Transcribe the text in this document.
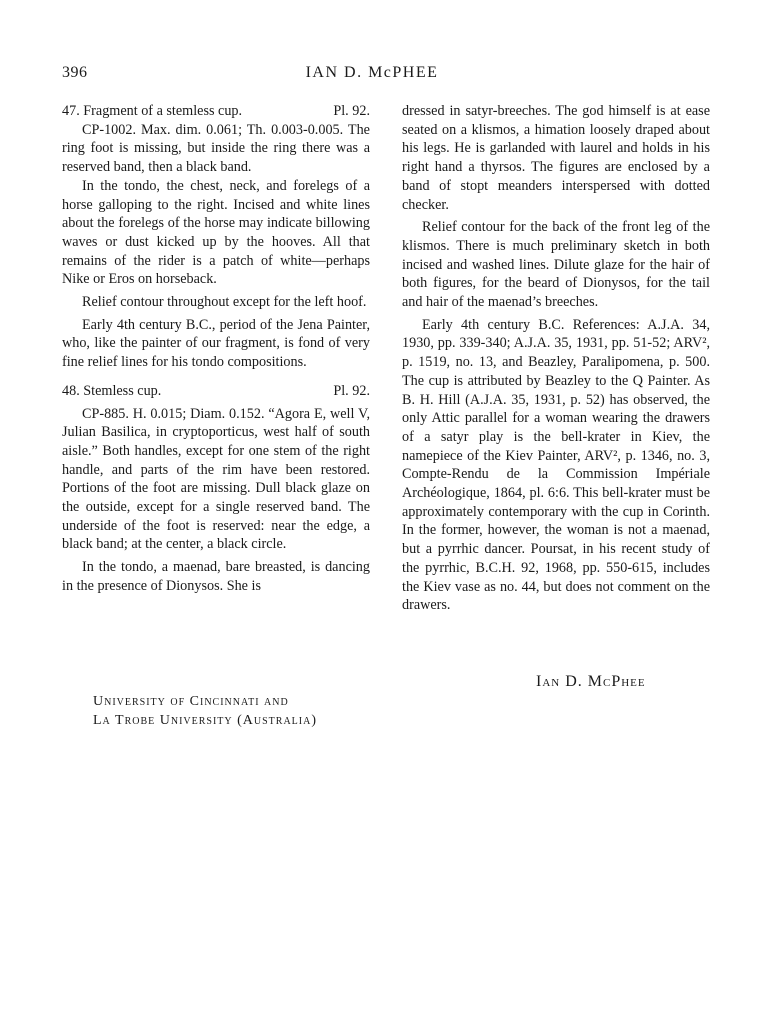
396	IAN D. McPHEE
47. Fragment of a stemless cup.	Pl. 92.

CP-1002. Max. dim. 0.061; Th. 0.003-0.005. The ring foot is missing, but inside the ring there was a reserved band, then a black band.

In the tondo, the chest, neck, and forelegs of a horse galloping to the right. Incised and white lines about the forelegs of the horse may indicate billowing waves or dust kicked up by the hooves. All that remains of the rider is a patch of white—perhaps Nike or Eros on horseback.

Relief contour throughout except for the left hoof.

Early 4th century B.C., period of the Jena Painter, who, like the painter of our fragment, is fond of very fine relief lines for his tondo compositions.

48. Stemless cup.	Pl. 92.

CP-885. H. 0.015; Diam. 0.152. “Agora E, well V, Julian Basilica, in cryptoporticus, west half of south aisle.” Both handles, except for one stem of the right handle, and parts of the rim have been restored. Portions of the foot are missing. Dull black glaze on the outside, except for a single reserved band. The underside of the foot is reserved: near the edge, a black band; at the center, a black circle.

In the tondo, a maenad, bare breasted, is dancing in the presence of Dionysos. She is

dressed in satyr-breeches. The god himself is at ease seated on a klismos, a himation loosely draped about his legs. He is garlanded with laurel and holds in his right hand a thyrsos. The figures are enclosed by a band of stopt meanders interspersed with dotted checker.

Relief contour for the back of the front leg of the klismos. There is much preliminary sketch in both incised and washed lines. Dilute glaze for the hair of both figures, for the beard of Dionysos, for the tail and hair of the maenad’s breeches.

Early 4th century B.C. References: A.J.A. 34, 1930, pp. 339-340; A.J.A. 35, 1931, pp. 51-52; ARV², p. 1519, no. 13, and Beazley, Paralipomena, p. 500. The cup is attributed by Beazley to the Q Painter. As B. H. Hill (A.J.A. 35, 1931, p. 52) has observed, the only Attic parallel for a woman wearing the drawers of a satyr play is the bell-krater in Kiev, the namepiece of the Kiev Painter, ARV², p. 1346, no. 3, Compte-Rendu de la Commission Impériale Archéologique, 1864, pl. 6:6. This bell-krater must be approximately contemporary with the cup in Corinth. In the former, however, the woman is not a maenad, but a pyrrhic dancer. Poursat, in his recent study of the pyrrhic, B.C.H. 92, 1968, pp. 550-615, includes the Kiev vase as no. 44, but does not comment on the drawers.

Ian D. McPhee
University of Cincinnati and
La Trobe University (Australia)
